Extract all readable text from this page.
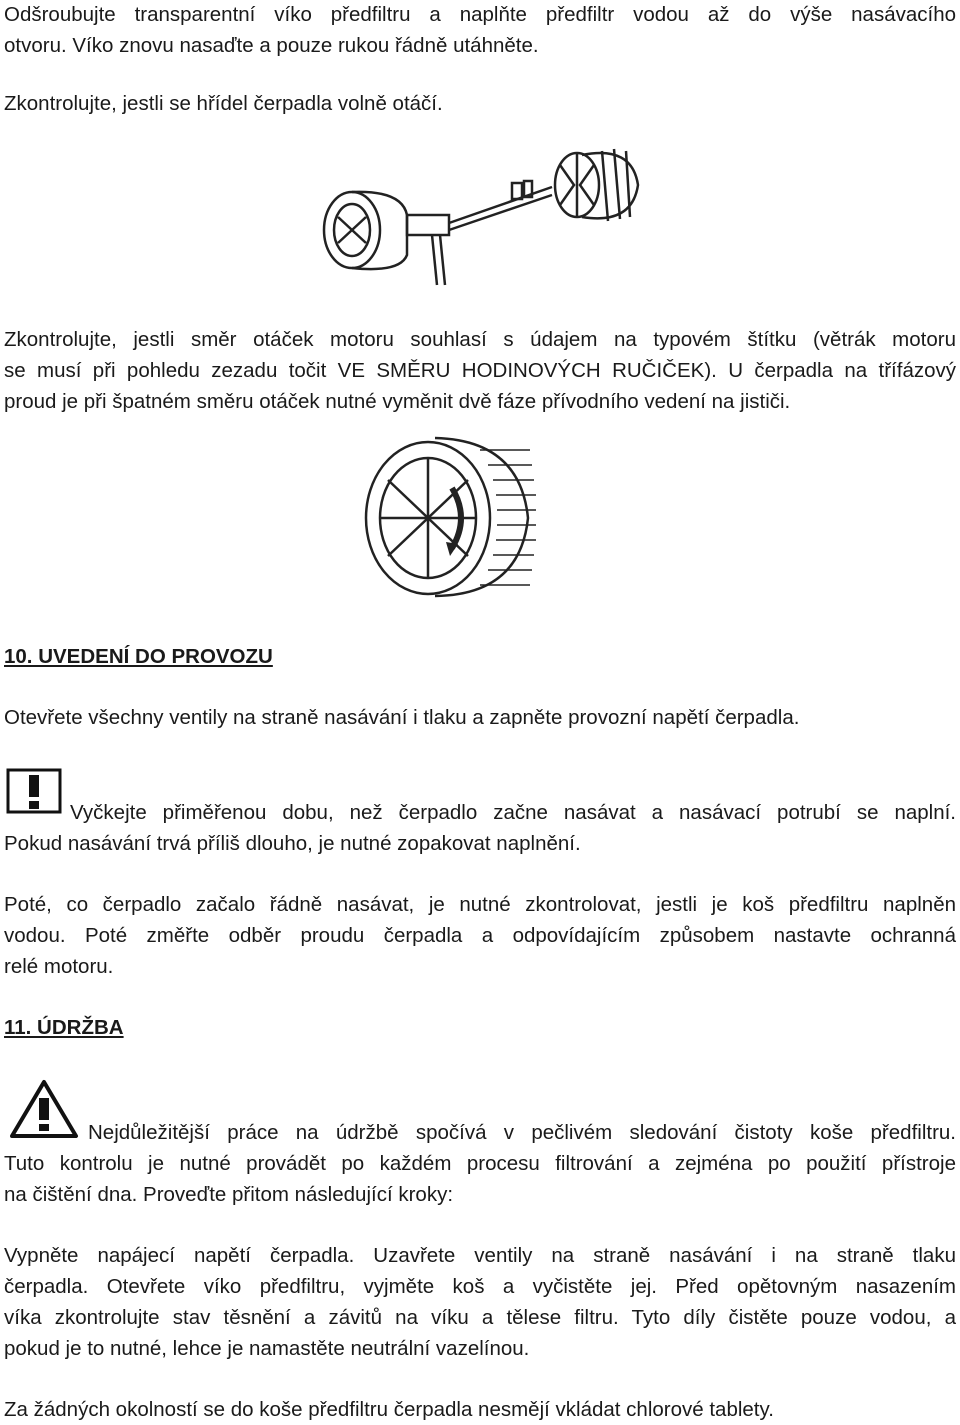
Odšroubujte transparentní víko předfiltru a naplňte předfiltr vodou až do výše nasávacího
otvoru. Víko znovu nasaďte a pouze rukou řádně utáhněte.
Zkontrolujte, jestli se hřídel čerpadla volně otáčí.
Zkontrolujte, jestli směr otáček motoru souhlasí s údajem na typovém štítku (větrák motoru
se musí při pohledu zezadu točit VE SMĚRU HODINOVÝCH RUČIČEK). U čerpadla na třífázový
proud je při špatném směru otáček nutné vyměnit dvě fáze přívodního vedení na jističi.
10. UVEDENÍ DO PROVOZU
Otevřete všechny ventily na straně nasávání i tlaku a zapněte provozní napětí čerpadla.
Vyčkejte přiměřenou dobu, než čerpadlo začne nasávat a nasávací potrubí se naplní.
Pokud nasávání trvá příliš dlouho, je nutné zopakovat naplnění.
Poté, co čerpadlo začalo řádně nasávat, je nutné zkontrolovat, jestli je koš předfiltru naplněn
vodou. Poté změřte odběr proudu čerpadla a odpovídajícím způsobem nastavte ochranná
relé motoru.
11. ÚDRŽBA
Nejdůležitější práce na údržbě spočívá v pečlivém sledování čistoty koše předfiltru.
Tuto kontrolu je nutné provádět po každém procesu filtrování a zejména po použití přístroje
na čištění dna. Proveďte přitom následující kroky:
Vypněte napájecí napětí čerpadla. Uzavřete ventily na straně nasávání i na straně tlaku
čerpadla. Otevřete víko předfiltru, vyjměte koš a vyčistěte jej. Před opětovným nasazením
víka zkontrolujte stav těsnění a závitů na víku a tělese filtru. Tyto díly čistěte pouze vodou, a
pokud je to nutné, lehce je namastěte neutrální vazelínou.
Za žádných okolností se do koše předfiltru čerpadla nesmějí vkládat chlorové tablety.
